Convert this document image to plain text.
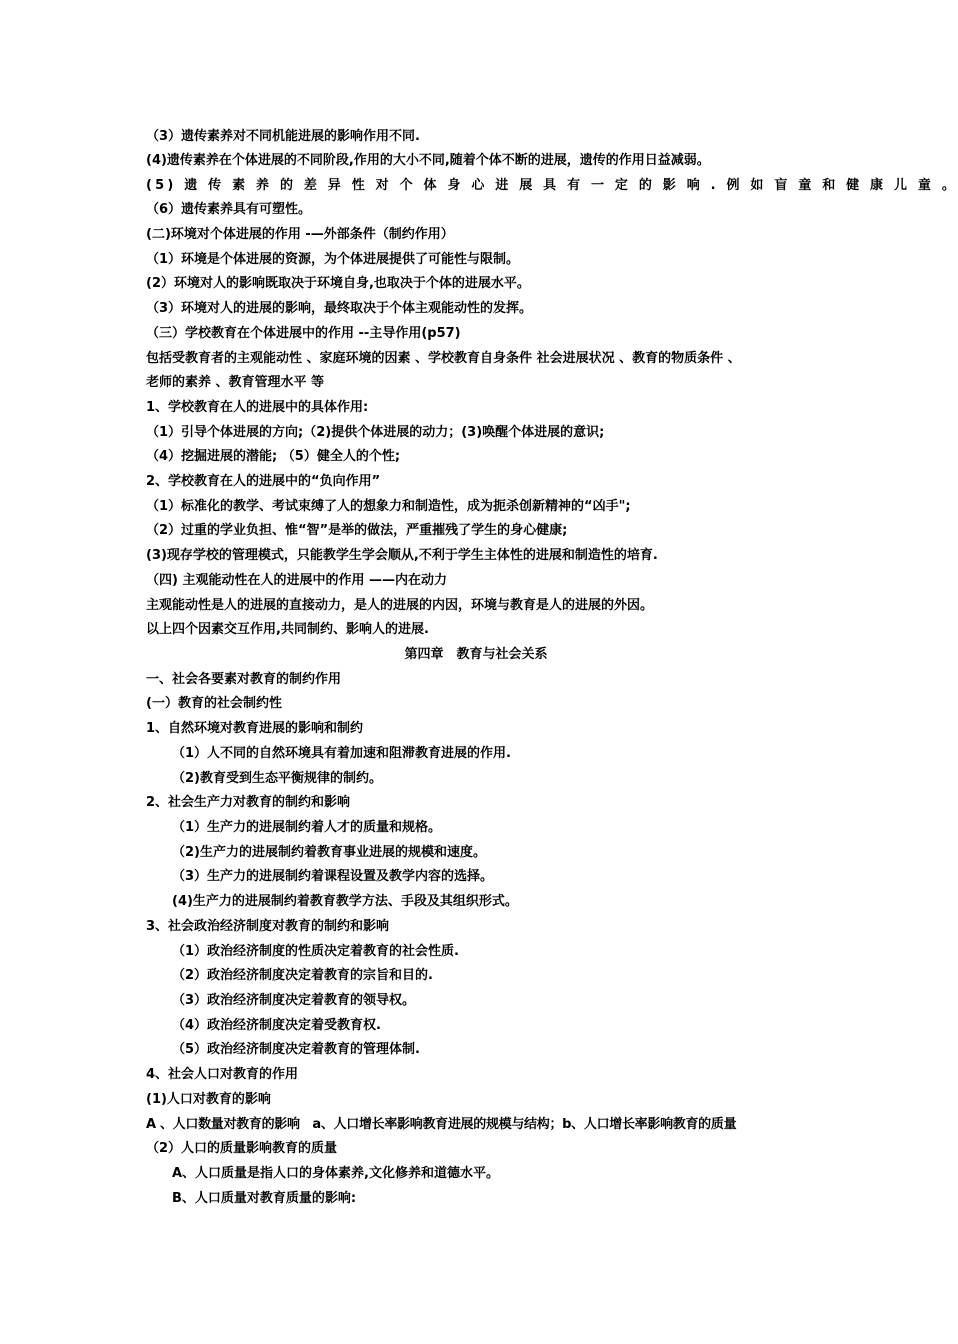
（3）遗传素养对不同机能进展的影响作用不同.
(4)遗传素养在个体进展的不同阶段,作用的大小不同,随着个体不断的进展，遗传的作用日益减弱。
(5) 遗 传 素 养 的 差 异 性 对 个 体 身 心 进 展 具 有 一 定 的 影 响 . 例 如 盲 童 和 健 康 儿 童 。
（6）遗传素养具有可塑性。
(二)环境对个体进展的作用 -—外部条件（制约作用）
（1）环境是个体进展的资源，为个体进展提供了可能性与限制。
(2）环境对人的影响既取决于环境自身,也取决于个体的进展水平。
（3）环境对人的进展的影响，最终取决于个体主观能动性的发挥。
（三）学校教育在个体进展中的作用 --主导作用(p57)
包括受教育者的主观能动性 、家庭环境的因素 、学校教育自身条件 社会进展状况 、教育的物质条件 、
老师的素养 、教育管理水平 等
1、学校教育在人的进展中的具体作用:
（1）引导个体进展的方向;（2)提供个体进展的动力；(3)唤醒个体进展的意识;
（4）挖掘进展的潜能; （5）健全人的个性;
2、学校教育在人的进展中的“负向作用”
（1）标准化的教学、考试束缚了人的想象力和制造性，成为扼杀创新精神的“凶手";
（2）过重的学业负担、惟“智”是举的做法，严重摧残了学生的身心健康;
(3)现存学校的管理模式，只能教学生学会顺从,不利于学生主体性的进展和制造性的培育.
（四) 主观能动性在人的进展中的作用 ——内在动力
主观能动性是人的进展的直接动力，是人的进展的内因，环境与教育是人的进展的外因。
以上四个因素交互作用,共同制约、影响人的进展.
第四章　教育与社会关系
一、社会各要素对教育的制约作用
(一）教育的社会制约性
1、自然环境对教育进展的影响和制约
（1）人不同的自然环境具有着加速和阻滞教育进展的作用.
（2)教育受到生态平衡规律的制约。
2、社会生产力对教育的制约和影响
（1）生产力的进展制约着人才的质量和规格。
（2)生产力的进展制约着教育事业进展的规模和速度。
（3）生产力的进展制约着课程设置及教学内容的选择。
(4)生产力的进展制约着教育教学方法、手段及其组织形式。
3、社会政治经济制度对教育的制约和影响
（1）政治经济制度的性质决定着教育的社会性质.
（2）政治经济制度决定着教育的宗旨和目的.
（3）政治经济制度决定着教育的领导权。
（4）政治经济制度决定着受教育权.
（5）政治经济制度决定着教育的管理体制.
4、社会人口对教育的作用
(1)人口对教育的影响
A 、人口数量对教育的影响　a、人口增长率影响教育进展的规模与结构；b、人口增长率影响教育的质量
（2）人口的质量影响教育的质量
A、人口质量是指人口的身体素养,文化修养和道德水平。
B、人口质量对教育质量的影响:
